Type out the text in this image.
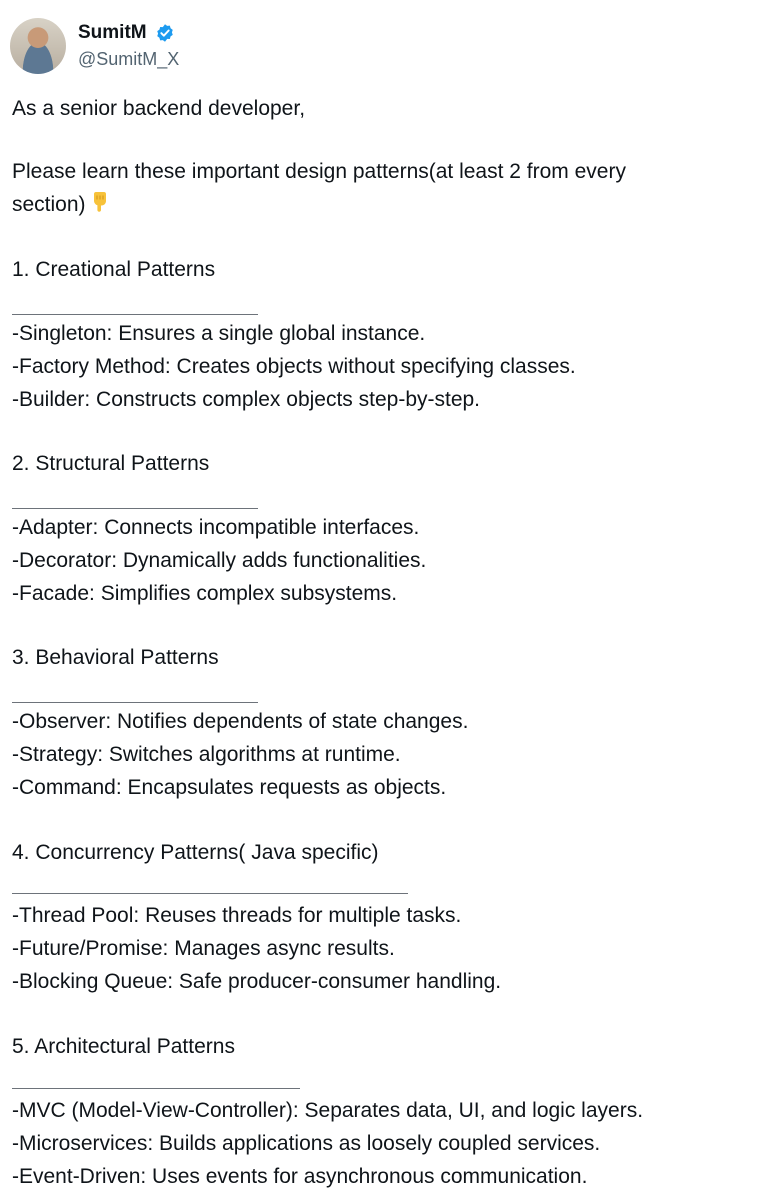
SumitM
@SumitM_X
As a senior backend developer,
Please learn these important design patterns(at least 2 from every
section)
1. Creational Patterns
-Singleton: Ensures a single global instance.
-Factory Method: Creates objects without specifying classes.
-Builder: Constructs complex objects step-by-step.
2. Structural Patterns
-Adapter: Connects incompatible interfaces.
-Decorator: Dynamically adds functionalities.
-Facade: Simplifies complex subsystems.
3. Behavioral Patterns
-Observer: Notifies dependents of state changes.
-Strategy: Switches algorithms at runtime.
-Command: Encapsulates requests as objects.
4. Concurrency Patterns( Java specific)
-Thread Pool: Reuses threads for multiple tasks.
-Future/Promise: Manages async results.
-Blocking Queue: Safe producer-consumer handling.
5. Architectural Patterns
-MVC (Model-View-Controller): Separates data, UI, and logic layers.
-Microservices: Builds applications as loosely coupled services.
-Event-Driven: Uses events for asynchronous communication.
